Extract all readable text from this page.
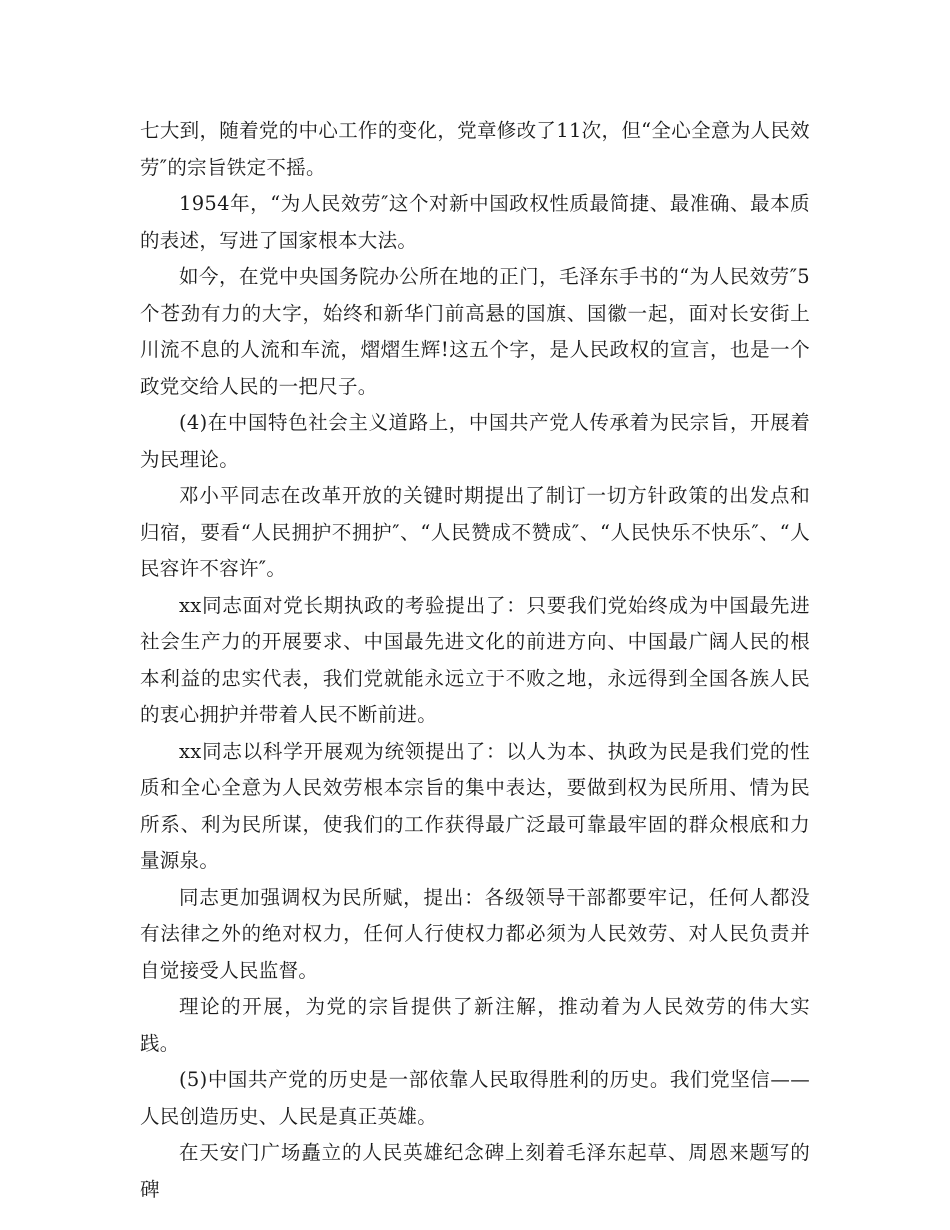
七大到，随着党的中心工作的变化，党章修改了11次，但“全心全意为人民效劳″的宗旨铁定不摇。

1954年，“为人民效劳″这个对新中国政权性质最简捷、最准确、最本质的表述，写进了国家根本大法。

如今，在党中央国务院办公所在地的正门，毛泽东手书的“为人民效劳″5个苍劲有力的大字，始终和新华门前高悬的国旗、国徽一起，面对长安街上川流不息的人流和车流，熠熠生辉!这五个字，是人民政权的宣言，也是一个政党交给人民的一把尺子。

(4)在中国特色社会主义道路上，中国共产党人传承着为民宗旨，开展着为民理论。

邓小平同志在改革开放的关键时期提出了制订一切方针政策的出发点和归宿，要看“人民拥护不拥护″、“人民赞成不赞成″、“人民快乐不快乐″、“人民容许不容许″。

xx同志面对党长期执政的考验提出了：只要我们党始终成为中国最先进社会生产力的开展要求、中国最先进文化的前进方向、中国最广阔人民的根本利益的忠实代表，我们党就能永远立于不败之地，永远得到全国各族人民的衷心拥护并带着人民不断前进。

xx同志以科学开展观为统领提出了：以人为本、执政为民是我们党的性质和全心全意为人民效劳根本宗旨的集中表达，要做到权为民所用、情为民所系、利为民所谋，使我们的工作获得最广泛最可靠最牢固的群众根底和力量源泉。

同志更加强调权为民所赋，提出：各级领导干部都要牢记，任何人都没有法律之外的绝对权力，任何人行使权力都必须为人民效劳、对人民负责并自觉接受人民监督。

理论的开展，为党的宗旨提供了新注解，推动着为人民效劳的伟大实践。

(5)中国共产党的历史是一部依靠人民取得胜利的历史。我们党坚信——人民创造历史、人民是真正英雄。

在天安门广场矗立的人民英雄纪念碑上刻着毛泽东起草、周恩来题写的碑
